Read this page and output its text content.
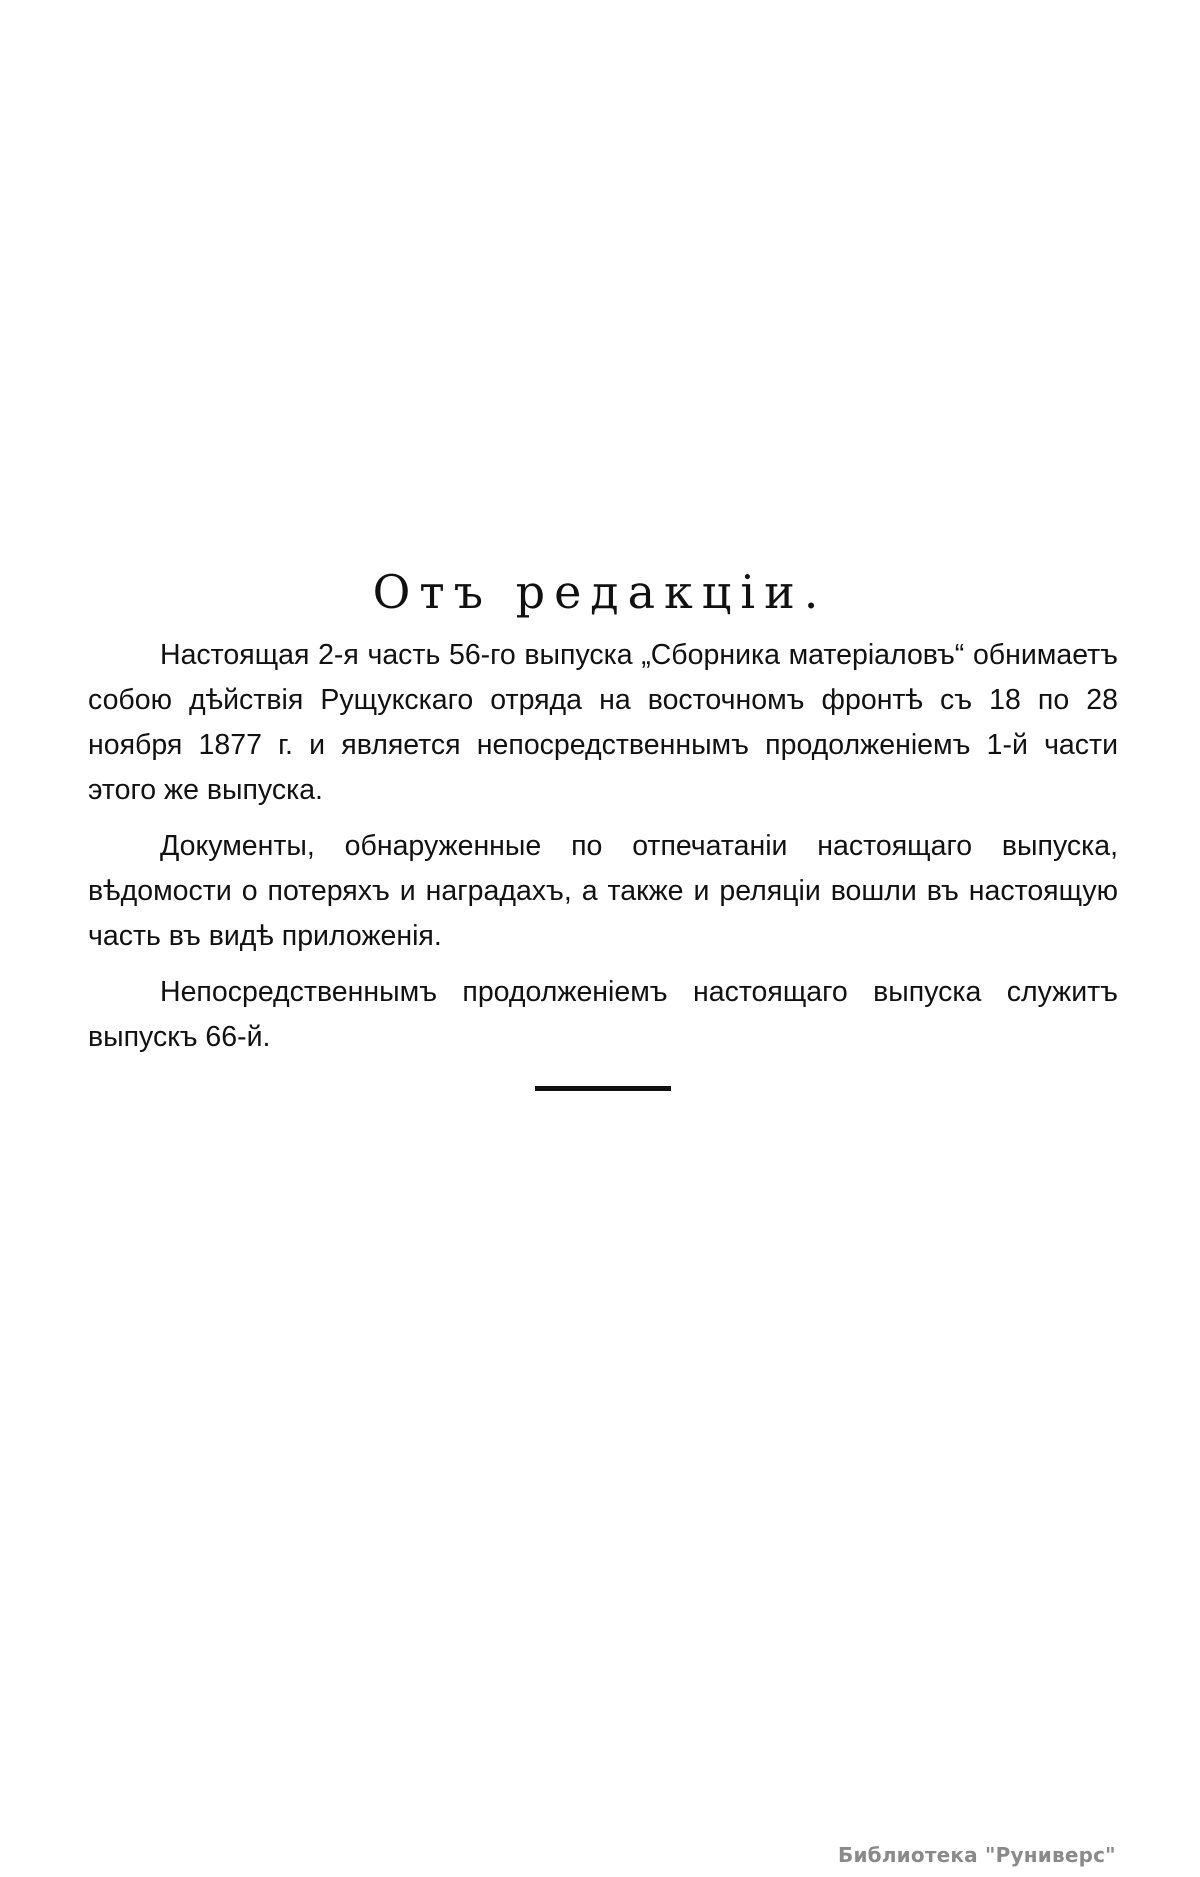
Отъ редакціи.

Настоящая 2-я часть 56-го выпуска „Сборника матеріаловъ“ обнимаетъ собою дѣйствія Рущукскаго отряда на восточномъ фронтѣ съ 18 по 28 ноября 1877 г. и является непосредственнымъ продолженіемъ 1-й части этого же выпуска.

Документы, обнаруженные по отпечатаніи настоящаго выпуска, вѣдомости о потеряхъ и наградахъ, а также и реляціи вошли въ настоящую часть въ видѣ приложенія.

Непосредственнымъ продолженіемъ настоящаго выпуска служитъ выпускъ 66-й.

Библиотека "Руниверс"
